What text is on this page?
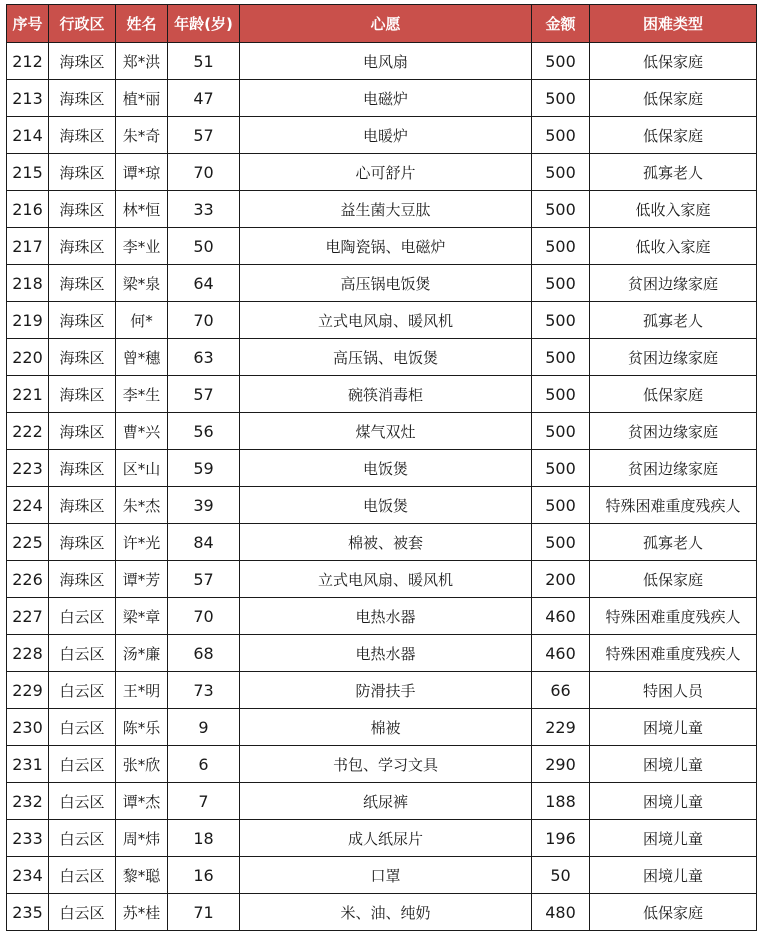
序号	行政区	姓名	年龄(岁)	心愿	金额	困难类型
212	海珠区	郑*洪	51	电风扇	500	低保家庭
213	海珠区	植*丽	47	电磁炉	500	低保家庭
214	海珠区	朱*奇	57	电暖炉	500	低保家庭
215	海珠区	谭*琼	70	心可舒片	500	孤寡老人
216	海珠区	林*恒	33	益生菌大豆肽	500	低收入家庭
217	海珠区	李*业	50	电陶瓷锅、电磁炉	500	低收入家庭
218	海珠区	梁*泉	64	高压锅电饭煲	500	贫困边缘家庭
219	海珠区	何*	70	立式电风扇、暖风机	500	孤寡老人
220	海珠区	曾*穗	63	高压锅、电饭煲	500	贫困边缘家庭
221	海珠区	李*生	57	碗筷消毒柜	500	低保家庭
222	海珠区	曹*兴	56	煤气双灶	500	贫困边缘家庭
223	海珠区	区*山	59	电饭煲	500	贫困边缘家庭
224	海珠区	朱*杰	39	电饭煲	500	特殊困难重度残疾人
225	海珠区	许*光	84	棉被、被套	500	孤寡老人
226	海珠区	谭*芳	57	立式电风扇、暖风机	200	低保家庭
227	白云区	梁*章	70	电热水器	460	特殊困难重度残疾人
228	白云区	汤*廉	68	电热水器	460	特殊困难重度残疾人
229	白云区	王*明	73	防滑扶手	66	特困人员
230	白云区	陈*乐	9	棉被	229	困境儿童
231	白云区	张*欣	6	书包、学习文具	290	困境儿童
232	白云区	谭*杰	7	纸尿裤	188	困境儿童
233	白云区	周*炜	18	成人纸尿片	196	困境儿童
234	白云区	黎*聪	16	口罩	50	困境儿童
235	白云区	苏*桂	71	米、油、纯奶	480	低保家庭
